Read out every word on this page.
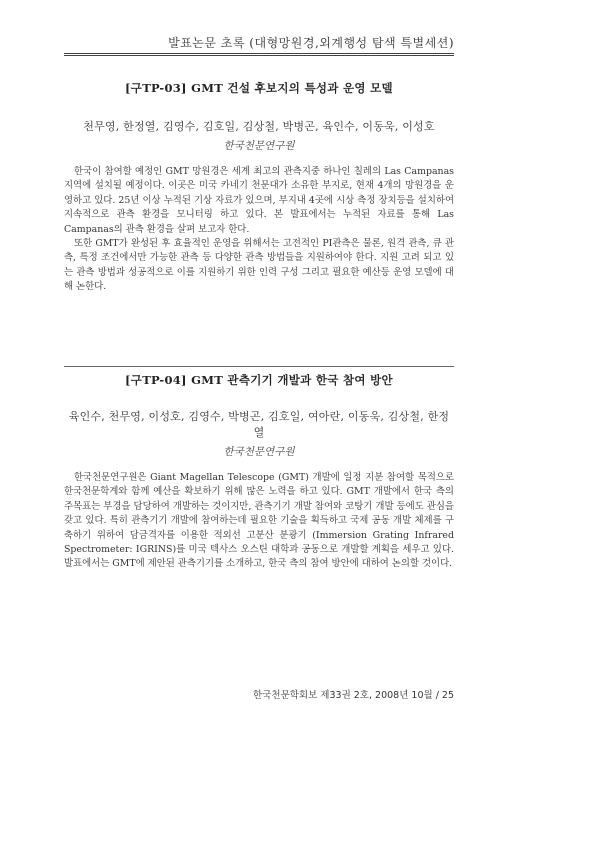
발표논문 초록 (대형망원경,외계행성 탐색 특별세션)
[구TP-03] GMT 건설 후보지의 특성과 운영 모델
천무영, 한정열, 김영수, 김호일, 김상철, 박병곤, 육인수, 이동욱, 이성호
한국천문연구원

한국이 참여할 예정인 GMT 망원경은 세계 최고의 관측지중 하나인 칠레의 Las Campanas 지역에 설치될 예정이다. 이곳은 미국 카네기 천문대가 소유한 부지로, 현재 4개의 망원경을 운영하고 있다. 25년 이상 누적된 기상 자료가 있으며, 부지내 4곳에 시상 측정 장치등을 설치하여 지속적으로 관측 환경을 모니터링 하고 있다. 본 발표에서는 누적된 자료를 통해 Las Campanas의 관측 환경을 살펴 보고자 한다.

또한 GMT가 완성된 후 효율적인 운영을 위해서는 고전적인 PI관측은 물론, 원격 관측, 큐 관측, 특정 조건에서만 가능한 관측 등 다양한 관측 방법들을 지원하여야 한다. 지원 고려 되고 있는 관측 방법과 성공적으로 이를 지원하기 위한 인력 구성 그리고 필요한 예산등 운영 모델에 대해 논한다.

[구TP-04] GMT 관측기기 개발과 한국 참여 방안
육인수, 천무영, 이성호, 김영수, 박병곤, 김호일, 여아란, 이동욱, 김상철, 한정열
한국천문연구원

한국천문연구원은 Giant Magellan Telescope (GMT) 개발에 일정 지분 참여할 목적으로 한국천문학계와 함께 예산을 확보하기 위해 많은 노력을 하고 있다. GMT 개발에서 한국 측의 주목표는 부경을 담당하여 개발하는 것이지만, 관측기기 개발 참여와 코탕기 개발 등에도 관심을 갖고 있다. 특히 관측기기 개발에 참여하는데 필요한 기술을 획득하고 국제 공동 개발 체제를 구축하기 위하여 담금격자를 이용한 적외선 고분산 분광기 (Immersion Grating Infrared Spectrometer: IGRINS)를 미국 텍사스 오스틴 대학과 공동으로 개발할 계획을 세우고 있다. 발표에서는 GMT에 제안된 관측기기를 소개하고, 한국 측의 참여 방안에 대하여 논의할 것이다.

한국천문학회보 제33권 2호, 2008년 10월 / 25
